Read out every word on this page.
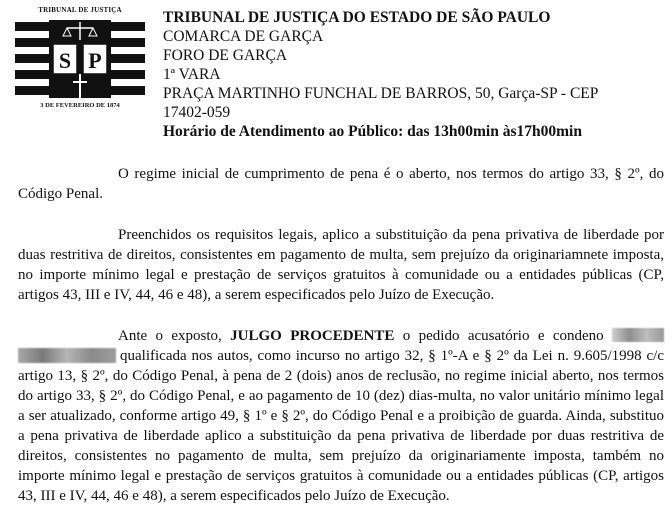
TRIBUNAL DE JUSTIÇA
S P
3 DE FEVEREIRO DE 1874
TRIBUNAL DE JUSTIÇA DO ESTADO DE SÃO PAULO
COMARCA DE GARÇA
FORO DE GARÇA
1ª VARA
PRAÇA MARTINHO FUNCHAL DE BARROS, 50, Garça-SP - CEP
17402-059
Horário de Atendimento ao Público: das 13h00min às17h00min

O regime inicial de cumprimento de pena é o aberto, nos termos do artigo 33, § 2º, do Código Penal.

Preenchidos os requisitos legais, aplico a substituição da pena privativa de liberdade por duas restritiva de direitos, consistentes em pagamento de multa, sem prejuízo da originariamnete imposta, no importe mínimo legal e prestação de serviços gratuitos à comunidade ou a entidades públicas (CP, artigos 43, III e IV, 44, 46 e 48), a serem especificados pelo Juízo de Execução.

Ante o exposto, JULGO PROCEDENTE o pedido acusatório e condeno  qualificada nos autos, como incurso no artigo 32, § 1º-A e § 2º da Lei n. 9.605/1998 c/c artigo 13, § 2º, do Código Penal, à pena de 2 (dois) anos de reclusão, no regime inicial aberto, nos termos do artigo 33, § 2º, do Código Penal, e ao pagamento de 10 (dez) dias-multa, no valor unitário mínimo legal a ser atualizado, conforme artigo 49, § 1º e § 2º, do Código Penal e a proibição de guarda. Ainda, substituo a pena privativa de liberdade aplico a substituição da pena privativa de liberdade por duas restritiva de direitos, consistentes no pagamento de multa, sem prejuízo da originariamente imposta, também no importe mínimo legal e prestação de serviços gratuitos à comunidade ou a entidades públicas (CP, artigos 43, III e IV, 44, 46 e 48), a serem especificados pelo Juízo de Execução.
